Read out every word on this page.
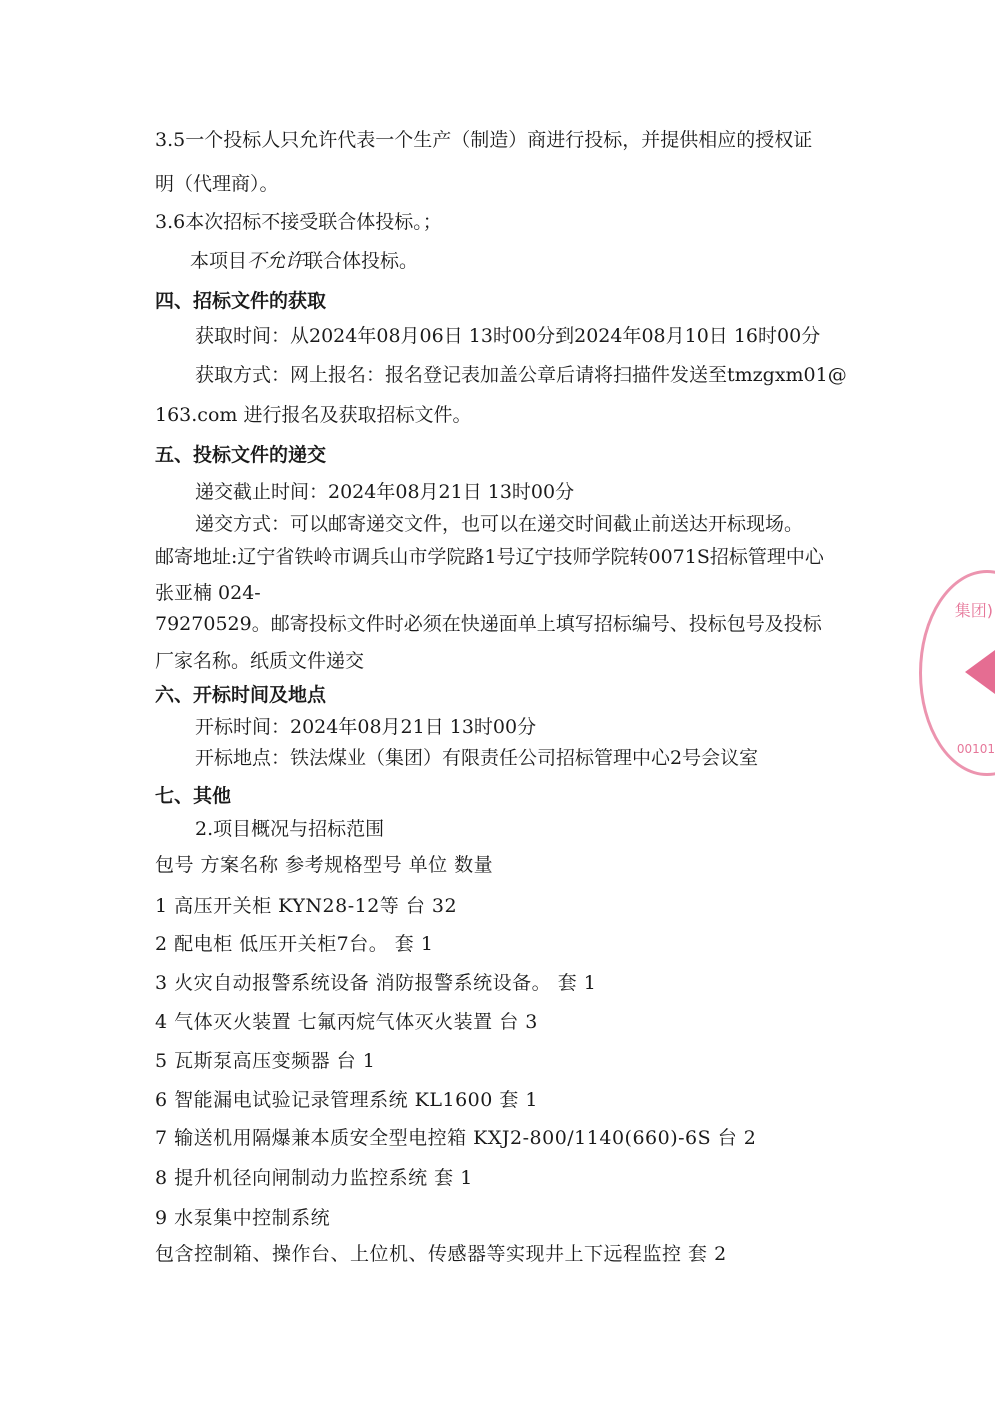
3.5一个投标人只允许代表一个生产（制造）商进行投标，并提供相应的授权证
明（代理商）。
3.6本次招标不接受联合体投标。；
本项目不允许联合体投标。
四、招标文件的获取
获取时间：从2024年08月06日 13时00分到2024年08月10日 16时00分
获取方式：网上报名：报名登记表加盖公章后请将扫描件发送至tmzgxm01@
163.com 进行报名及获取招标文件。
五、投标文件的递交
递交截止时间：2024年08月21日 13时00分
递交方式：可以邮寄递交文件，也可以在递交时间截止前送达开标现场。
邮寄地址:辽宁省铁岭市调兵山市学院路1号辽宁技师学院转0071S招标管理中心
张亚楠 024-
79270529。邮寄投标文件时必须在快递面单上填写招标编号、投标包号及投标
厂家名称。纸质文件递交
六、开标时间及地点
开标时间：2024年08月21日 13时00分
开标地点：铁法煤业（集团）有限责任公司招标管理中心2号会议室
七、其他
2.项目概况与招标范围
包号 方案名称 参考规格型号 单位 数量
1 高压开关柜 KYN28-12等 台 32
2 配电柜 低压开关柜7台。 套 1
3 火灾自动报警系统设备 消防报警系统设备。 套 1
4 气体灭火装置 七氟丙烷气体灭火装置 台 3
5 瓦斯泵高压变频器 台 1
6 智能漏电试验记录管理系统 KL1600 套 1
7 输送机用隔爆兼本质安全型电控箱 KXJ2-800/1140(660)-6S 台 2
8 提升机径向闸制动力监控系统 套 1
9 水泵集中控制系统
包含控制箱、操作台、上位机、传感器等实现井上下远程监控 套 2
集团)
00101
